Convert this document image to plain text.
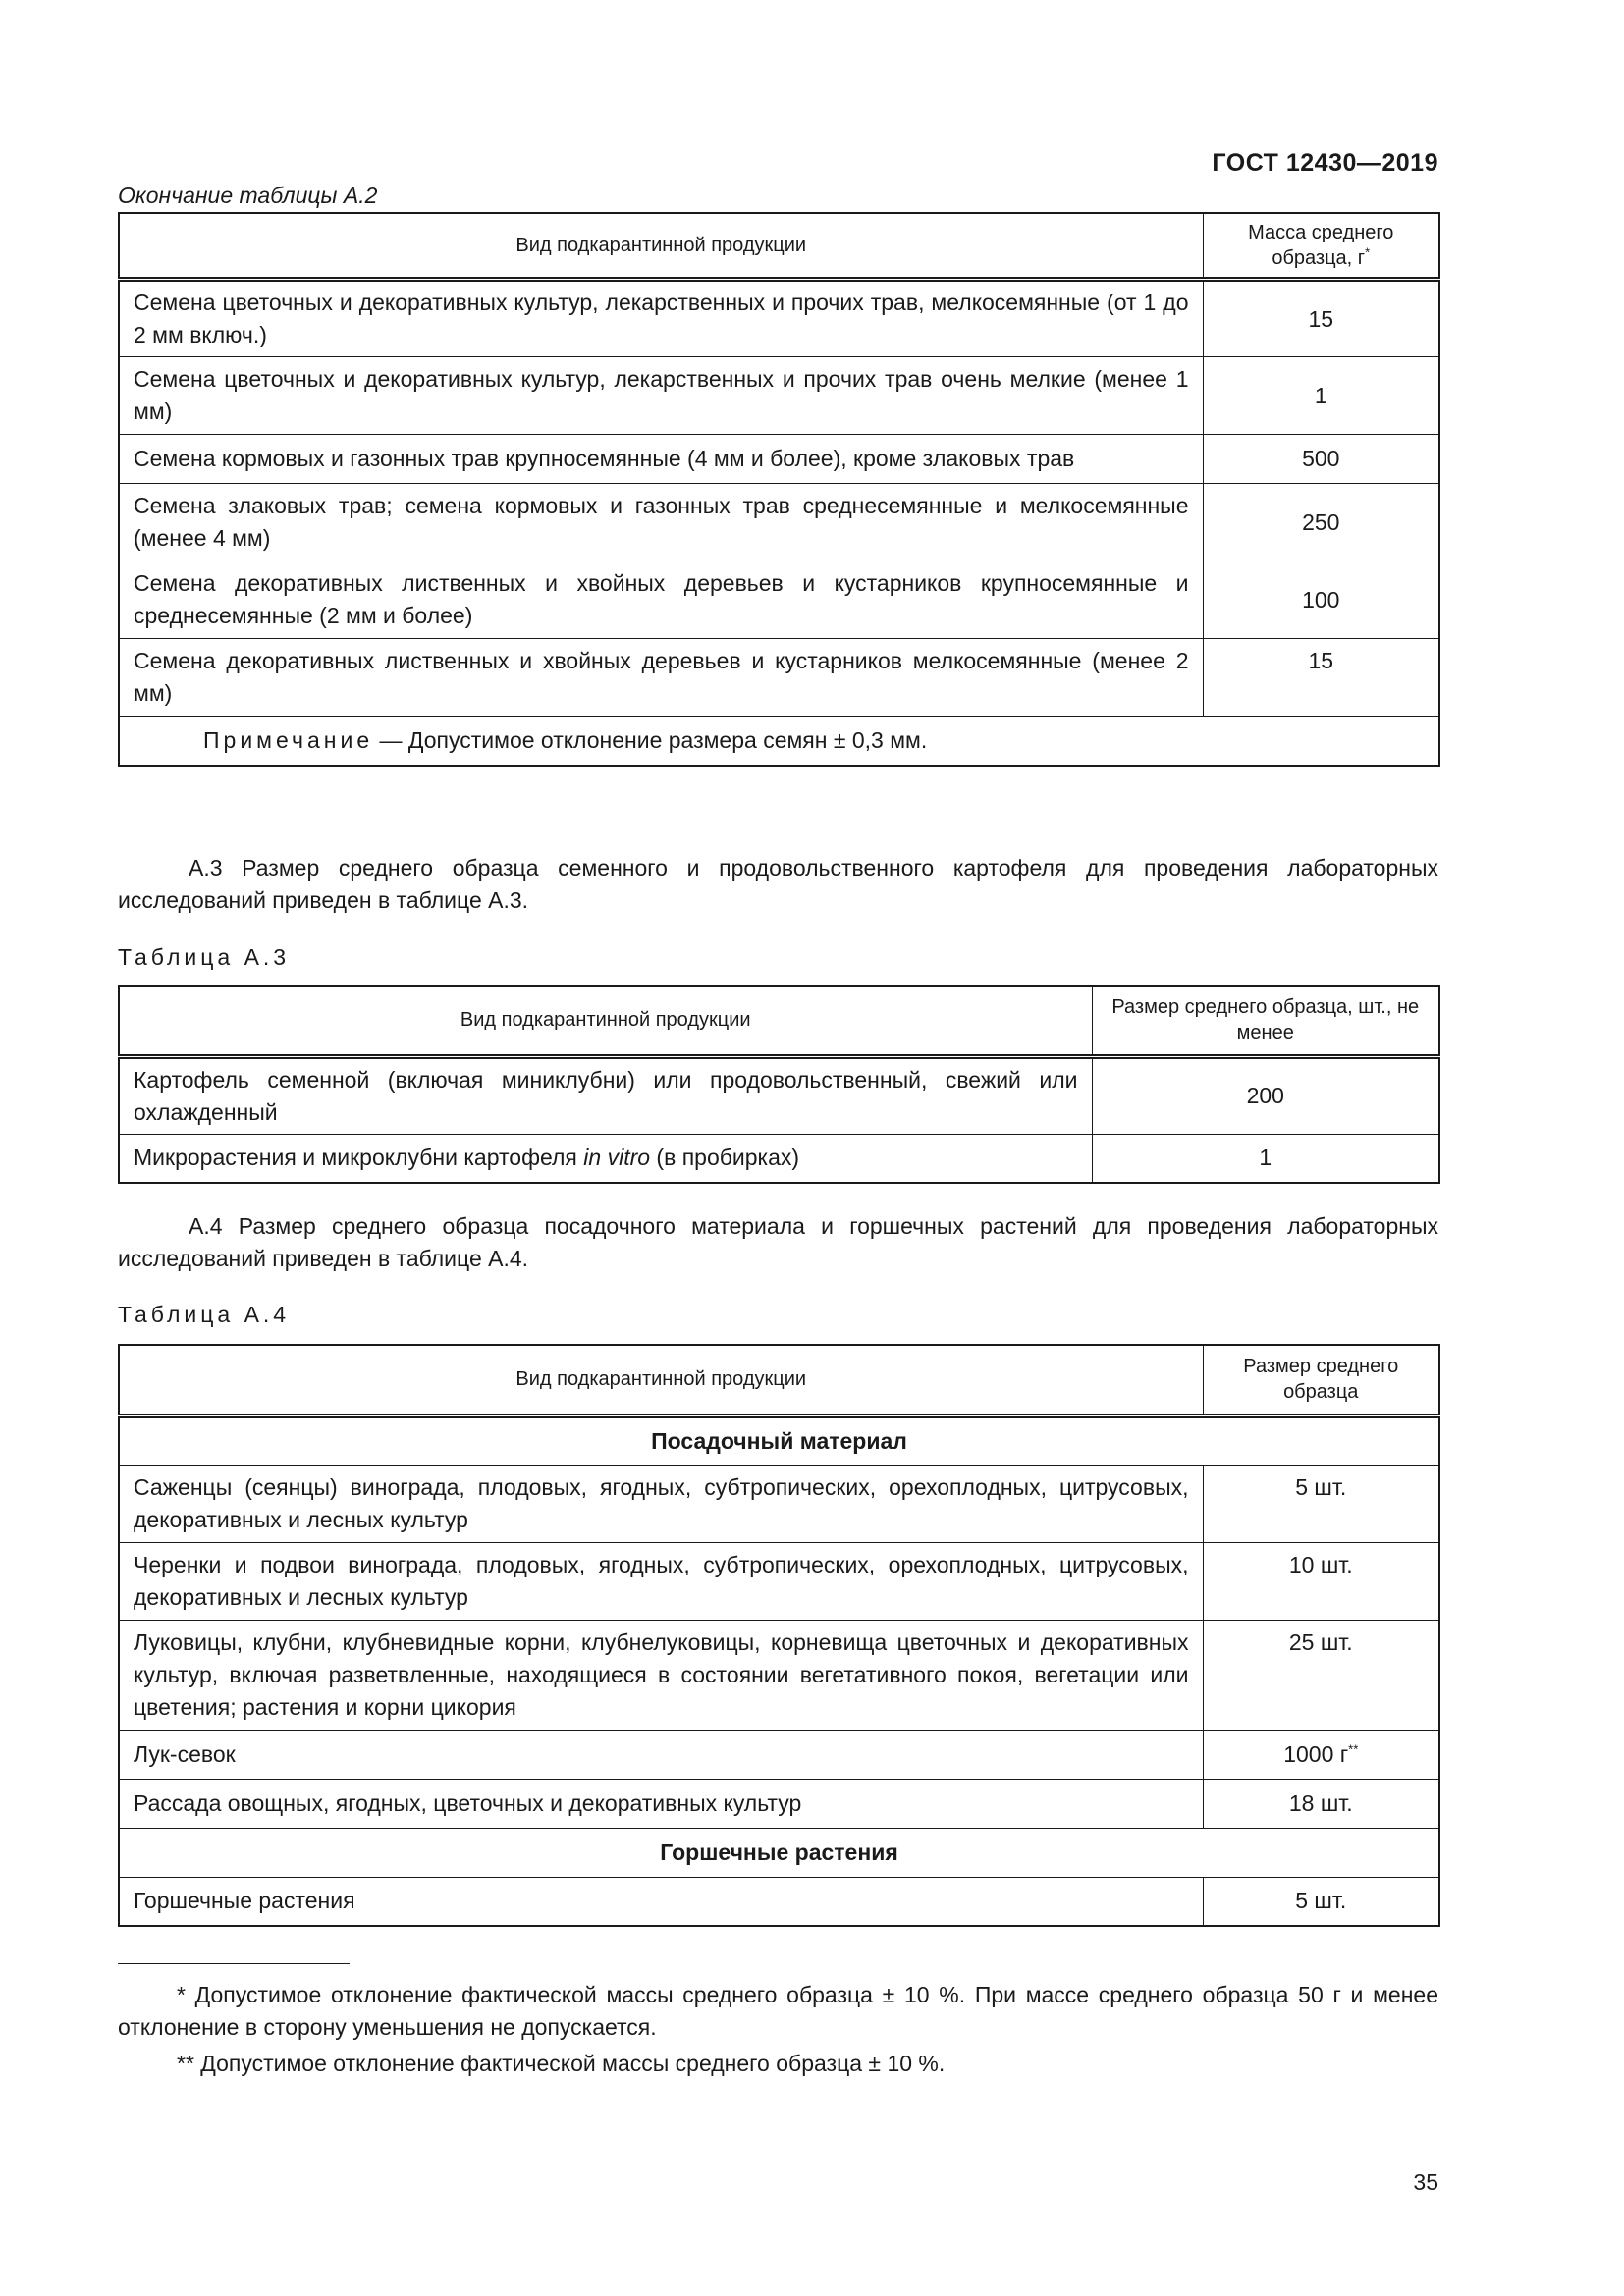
ГОСТ 12430—2019
Окончание таблицы А.2
Вид подкарантинной продукции	Масса среднего образца, г*
Семена цветочных и декоративных культур, лекарственных и прочих трав, мелкосемянные (от 1 до 2 мм включ.)	15
Семена цветочных и декоративных культур, лекарственных и прочих трав очень мелкие (менее 1 мм)	1
Семена кормовых и газонных трав крупносемянные (4 мм и более), кроме злаковых трав	500
Семена злаковых трав; семена кормовых и газонных трав среднесемянные и мелкосемянные (менее 4 мм)	250
Семена декоративных лиственных и хвойных деревьев и кустарников крупносемянные и среднесемянные (2 мм и более)	100
Семена декоративных лиственных и хвойных деревьев и кустарников мелкосемянные (менее 2 мм)	15
Примечание — Допустимое отклонение размера семян ± 0,3 мм.	
А.3 Размер среднего образца семенного и продовольственного картофеля для проведения лабораторных исследований приведен в таблице А.3.
Таблица А.3
Вид подкарантинной продукции	Размер среднего образца, шт., не менее
Картофель семенной (включая миниклубни) или продовольственный, свежий или охлажденный	200
Микрорастения и микроклубни картофеля in vitro (в пробирках)	1
А.4 Размер среднего образца посадочного материала и горшечных растений для проведения лабораторных исследований приведен в таблице А.4.
Таблица А.4
Вид подкарантинной продукции	Размер среднего образца
Посадочный материал	
Саженцы (сеянцы) винограда, плодовых, ягодных, субтропических, орехоплодных, цитрусовых, декоративных и лесных культур	5 шт.
Черенки и подвои винограда, плодовых, ягодных, субтропических, орехоплодных, цитрусовых, декоративных и лесных культур	10 шт.
Луковицы, клубни, клубневидные корни, клубнелуковицы, корневища цветочных и декоративных культур, включая разветвленные, находящиеся в состоянии вегетативного покоя, вегетации или цветения; растения и корни цикория	25 шт.
Лук-севок	1000 г**
Рассада овощных, ягодных, цветочных и декоративных культур	18 шт.
Горшечные растения	
Горшечные растения	5 шт.
* Допустимое отклонение фактической массы среднего образца ± 10 %. При массе среднего образца 50 г и менее отклонение в сторону уменьшения не допускается.
** Допустимое отклонение фактической массы среднего образца ± 10 %.
35
